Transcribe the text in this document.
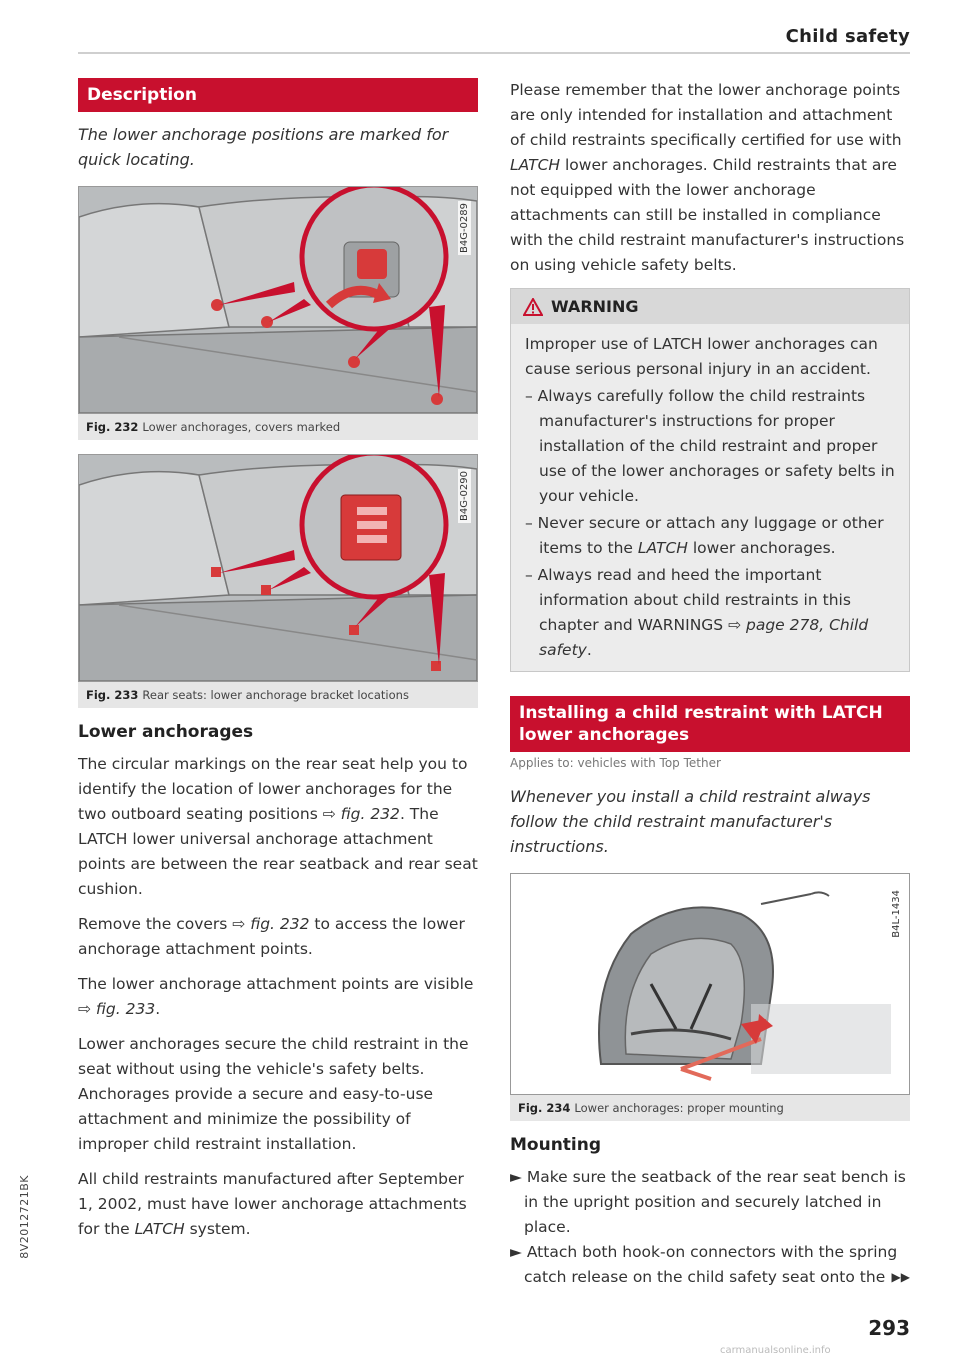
Child safety
Description
The lower anchorage positions are marked for quick locating.
B4G-0289
Fig. 232 Lower anchorages, covers marked
B4G-0290
Fig. 233 Rear seats: lower anchorage bracket locations
Lower anchorages

The circular markings on the rear seat help you to identify the location of lower anchorages for the two outboard seating positions ⇨ fig. 232. The LATCH lower universal anchorage attachment points are between the rear seatback and rear seat cushion.

Remove the covers ⇨ fig. 232 to access the lower anchorage attachment points.

The lower anchorage attachment points are visible ⇨ fig. 233.

Lower anchorages secure the child restraint in the seat without using the vehicle's safety belts. Anchorages provide a secure and easy-to-use attachment and minimize the possibility of improper child restraint installation.

All child restraints manufactured after September 1, 2002, must have lower anchorage attachments for the LATCH system.

Please remember that the lower anchorage points are only intended for installation and attachment of child restraints specifically certified for use with LATCH lower anchorages. Child restraints that are not equipped with the lower anchorage attachments can still be installed in compliance with the child restraint manufacturer's instructions on using vehicle safety belts.

WARNING
Improper use of LATCH lower anchorages can cause serious personal injury in an accident.
– Always carefully follow the child restraints manufacturer's instructions for proper installation of the child restraint and proper use of the lower anchorages or safety belts in your vehicle.
– Never secure or attach any luggage or other items to the LATCH lower anchorages.
– Always read and heed the important information about child restraints in this chapter and WARNINGS ⇨ page 278, Child safety.
Installing a child restraint with LATCH lower anchorages
Applies to: vehicles with Top Tether
Whenever you install a child restraint always follow the child restraint manufacturer's instructions.
B4L-1434
Fig. 234 Lower anchorages: proper mounting
Mounting

► Make sure the seatback of the rear seat bench is in the upright position and securely latched in place.

► Attach both hook-on connectors with the spring catch release on the child safety seat onto the ▶▶

8V2012721BK
293
carmanualsonline.info
